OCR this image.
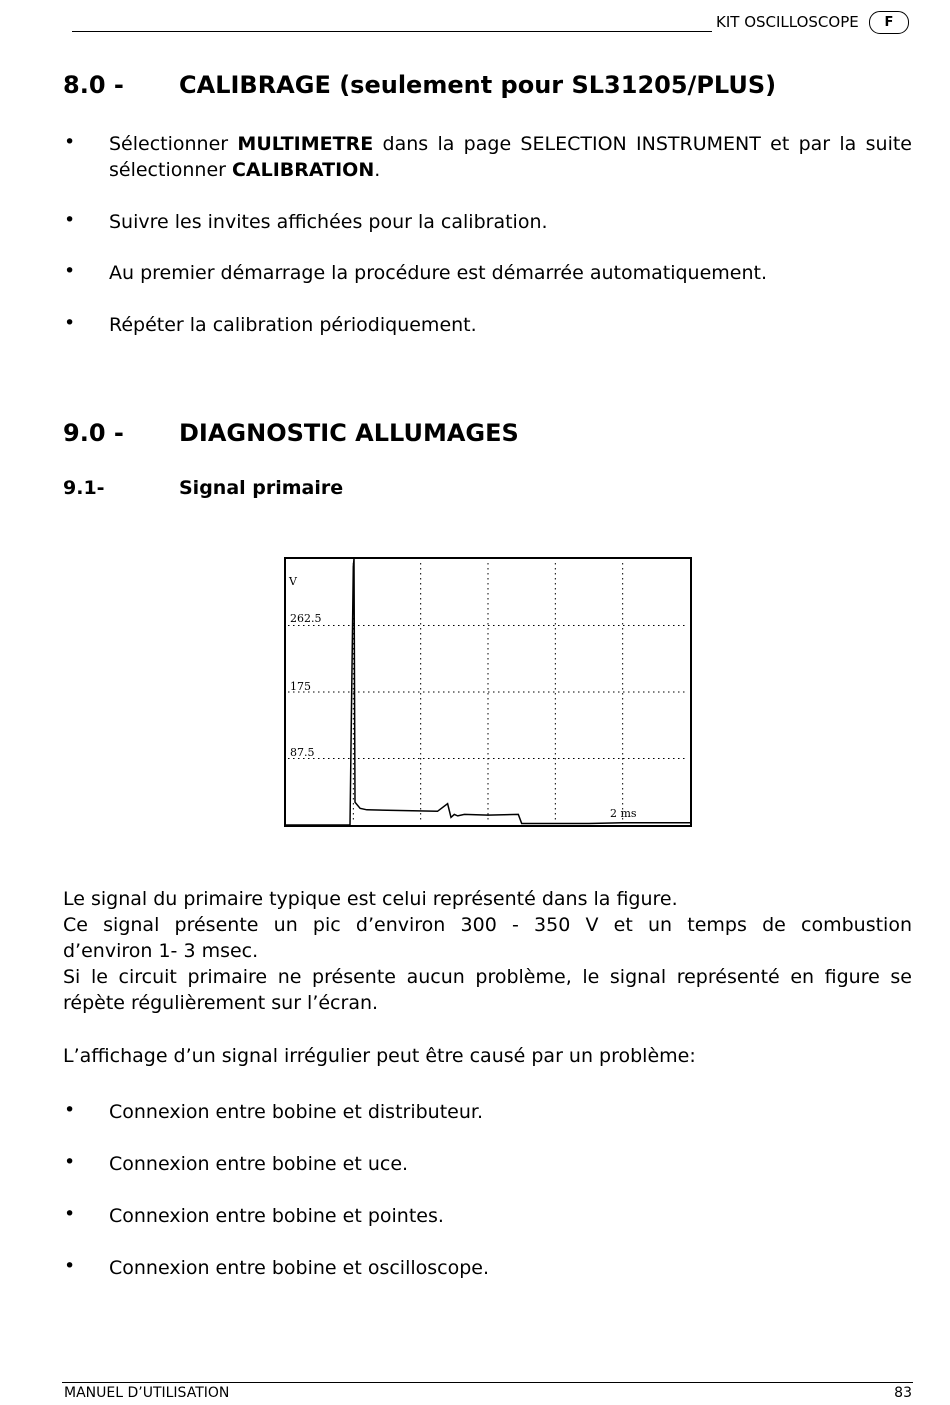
KIT OSCILLOSCOPE	F
8.0 - CALIBRAGE (seulement pour SL31205/PLUS)
• Sélectionner MULTIMETRE dans la page SELECTION INSTRUMENT et par la suite
sélectionner CALIBRATION.
• Suivre les invites affichées pour la calibration.
• Au premier démarrage la procédure est démarrée automatiquement.
• Répéter la calibration périodiquement.
9.0 - DIAGNOSTIC ALLUMAGES
9.1-	Signal primaire
V
262.5
175
87.5
2 ms
Le signal du primaire typique est celui représenté dans la figure.
Ce signal présente un pic d’environ 300 - 350 V et un temps de combustion
d’environ 1- 3 msec.
Si le circuit primaire ne présente aucun problème, le signal représenté en figure se
répète régulièrement sur l’écran.
L’affichage d’un signal irrégulier peut être causé par un problème:
• Connexion entre bobine et distributeur.
• Connexion entre bobine et uce.
• Connexion entre bobine et pointes.
• Connexion entre bobine et oscilloscope.
MANUEL D’UTILISATION	83
